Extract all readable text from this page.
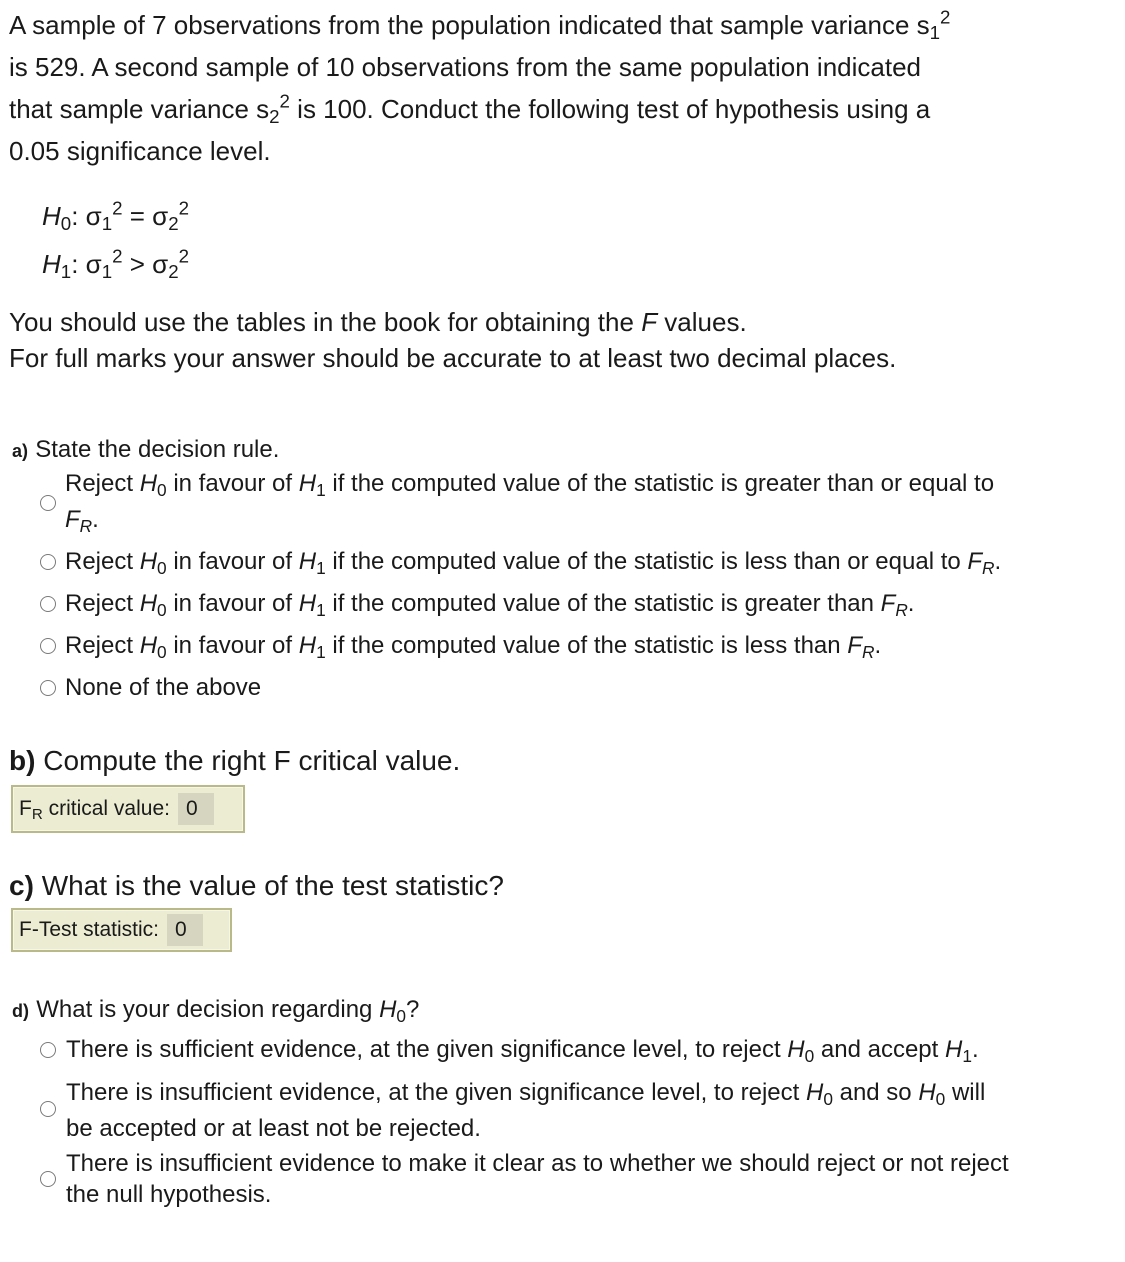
A sample of 7 observations from the population indicated that sample variance $s_1^2$
is 529. A second sample of 10 observations from the same population indicated
that sample variance $s_2^2$ is 100. Conduct the following test of hypothesis using a
0.05 significance level.
$H_0$: $\sigma_1^2 = \sigma_2^2$
$H_1$: $\sigma_1^2 > \sigma_2^2$
You should use the tables in the book for obtaining the F values.
For full marks your answer should be accurate to at least two decimal places.
a) State the decision rule.
Reject $H_0$ in favour of $H_1$ if the computed value of the statistic is greater than or equal to
$F_R$.
Reject $H_0$ in favour of $H_1$ if the computed value of the statistic is less than or equal to $F_R$.
Reject $H_0$ in favour of $H_1$ if the computed value of the statistic is greater than $F_R$.
Reject $H_0$ in favour of $H_1$ if the computed value of the statistic is less than $F_R$.
None of the above
b) Compute the right F critical value.
$F_R$ critical value:
0
c) What is the value of the test statistic?
F-Test statistic:
0
d) What is your decision regarding $H_0$?
There is sufficient evidence, at the given significance level, to reject $H_0$ and accept $H_1$.
There is insufficient evidence, at the given significance level, to reject $H_0$ and so $H_0$ will
be accepted or at least not be rejected.
There is insufficient evidence to make it clear as to whether we should reject or not reject
the null hypothesis.
